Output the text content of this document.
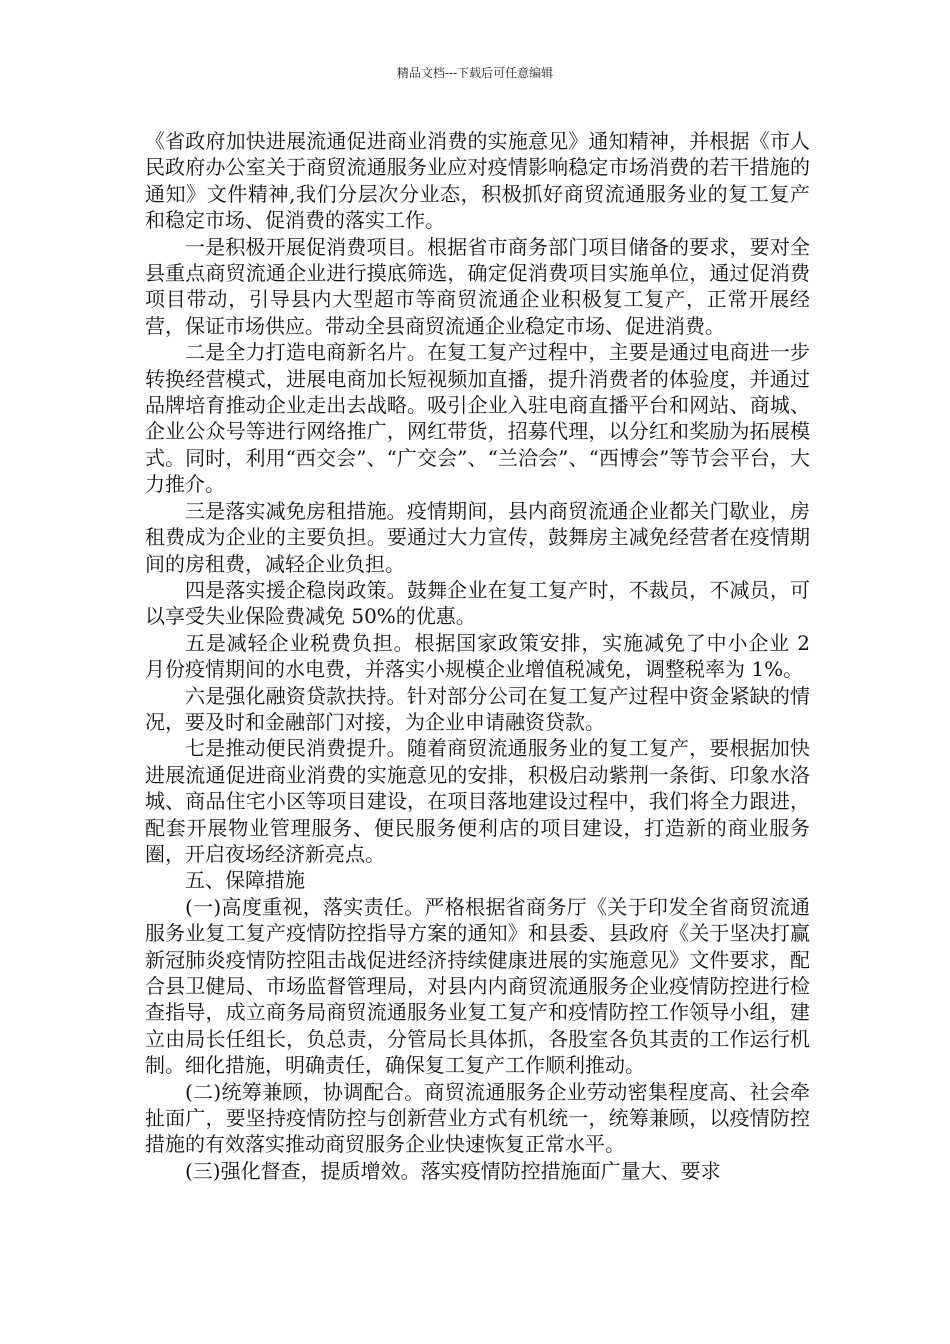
精品文档---下载后可任意编辑

《省政府加快进展流通促进商业消费的实施意见》通知精神，并根据《市人民政府办公室关于商贸流通服务业应对疫情影响稳定市场消费的若干措施的通知》文件精神,我们分层次分业态，积极抓好商贸流通服务业的复工复产和稳定市场、促消费的落实工作。

一是积极开展促消费项目。根据省市商务部门项目储备的要求，要对全县重点商贸流通企业进行摸底筛选，确定促消费项目实施单位，通过促消费项目带动，引导县内大型超市等商贸流通企业积极复工复产，正常开展经营，保证市场供应。带动全县商贸流通企业稳定市场、促进消费。

二是全力打造电商新名片。在复工复产过程中，主要是通过电商进一步转换经营模式，进展电商加长短视频加直播，提升消费者的体验度，并通过品牌培育推动企业走出去战略。吸引企业入驻电商直播平台和网站、商城、企业公众号等进行网络推广，网红带货，招募代理，以分红和奖励为拓展模式。同时，利用“西交会”、“广交会”、“兰洽会”、“西博会”等节会平台，大力推介。

三是落实减免房租措施。疫情期间，县内商贸流通企业都关门歇业，房租费成为企业的主要负担。要通过大力宣传，鼓舞房主减免经营者在疫情期间的房租费，减轻企业负担。

四是落实援企稳岗政策。鼓舞企业在复工复产时，不裁员，不减员，可以享受失业保险费减免 50%的优惠。

五是减轻企业税费负担。根据国家政策安排，实施减免了中小企业 2 月份疫情期间的水电费，并落实小规模企业增值税减免，调整税率为 1%。

六是强化融资贷款扶持。针对部分公司在复工复产过程中资金紧缺的情况，要及时和金融部门对接，为企业申请融资贷款。

七是推动便民消费提升。随着商贸流通服务业的复工复产，要根据加快进展流通促进商业消费的实施意见的安排，积极启动紫荆一条街、印象水洛城、商品住宅小区等项目建设，在项目落地建设过程中，我们将全力跟进，配套开展物业管理服务、便民服务便利店的项目建设，打造新的商业服务圈，开启夜场经济新亮点。

五、保障措施

(一)高度重视，落实责任。严格根据省商务厅《关于印发全省商贸流通服务业复工复产疫情防控指导方案的通知》和县委、县政府《关于坚决打赢新冠肺炎疫情防控阻击战促进经济持续健康进展的实施意见》文件要求，配合县卫健局、市场监督管理局，对县内内商贸流通服务企业疫情防控进行检查指导，成立商务局商贸流通服务业复工复产和疫情防控工作领导小组，建立由局长任组长，负总责，分管局长具体抓，各股室各负其责的工作运行机制。细化措施，明确责任，确保复工复产工作顺利推动。

(二)统筹兼顾，协调配合。商贸流通服务企业劳动密集程度高、社会牵扯面广，要坚持疫情防控与创新营业方式有机统一，统筹兼顾，以疫情防控措施的有效落实推动商贸服务企业快速恢复正常水平。

(三)强化督查，提质增效。落实疫情防控措施面广量大、要求
